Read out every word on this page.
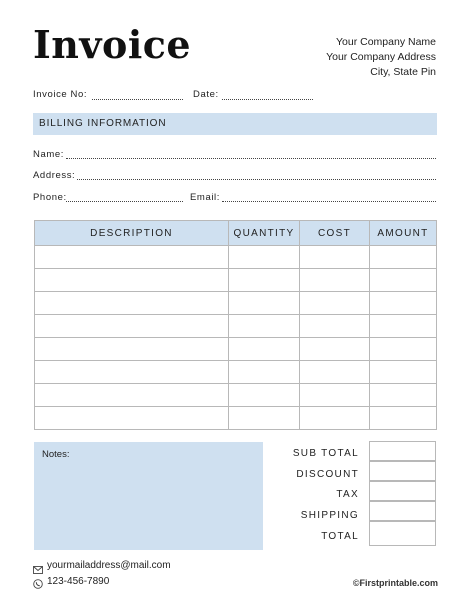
Invoice	Your Company Name
Your Company Address
City, State Pin
Invoice No:	Date:
BILLING INFORMATION
Name:
Address:
Phone:	Email:
DESCRIPTION	QUANTITY	COST	AMOUNT

Notes:	SUB TOTAL
DISCOUNT
TAX
SHIPPING
TOTAL
yourmailaddress@mail.com
123-456-7890	©Firstprintable.com
